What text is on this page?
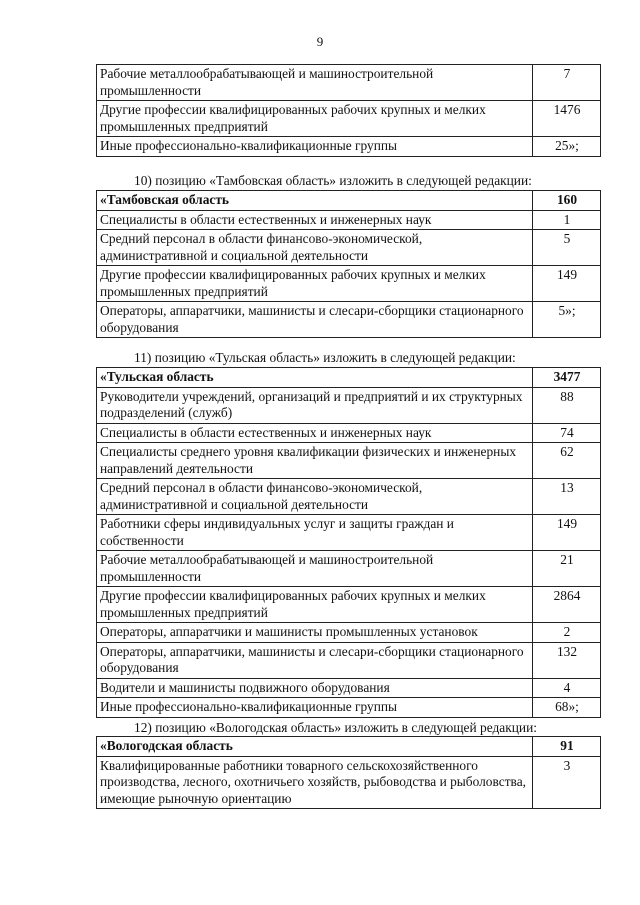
9
Рабочие металлообрабатывающей и машиностроительной промышленности	7
Другие профессии квалифицированных рабочих крупных и мелких промышленных предприятий	1476
Иные профессионально-квалификационные группы	25»;
10) позицию «Тамбовская область» изложить в следующей редакции:
«Тамбовская область	160
Специалисты в области естественных и инженерных наук	1
Средний персонал в области финансово-экономической, административной и социальной деятельности	5
Другие профессии квалифицированных рабочих крупных и мелких промышленных предприятий	149
Операторы, аппаратчики, машинисты и слесари-сборщики стационарного оборудования	5»;
11) позицию «Тульская область» изложить в следующей редакции:
«Тульская область	3477
Руководители учреждений, организаций и предприятий и их структурных подразделений (служб)	88
Специалисты в области естественных и инженерных наук	74
Специалисты среднего уровня квалификации физических и инженерных направлений деятельности	62
Средний персонал в области финансово-экономической, административной и социальной деятельности	13
Работники сферы индивидуальных услуг и защиты граждан и собственности	149
Рабочие металлообрабатывающей и машиностроительной промышленности	21
Другие профессии квалифицированных рабочих крупных и мелких промышленных предприятий	2864
Операторы, аппаратчики и машинисты промышленных установок	2
Операторы, аппаратчики, машинисты и слесари-сборщики стационарного оборудования	132
Водители и машинисты подвижного оборудования	4
Иные профессионально-квалификационные группы	68»;
12) позицию «Вологодская область» изложить в следующей редакции:
«Вологодская область	91
Квалифицированные работники товарного сельскохозяйственного производства, лесного, охотничьего хозяйств, рыбоводства и рыболовства, имеющие рыночную ориентацию	3
